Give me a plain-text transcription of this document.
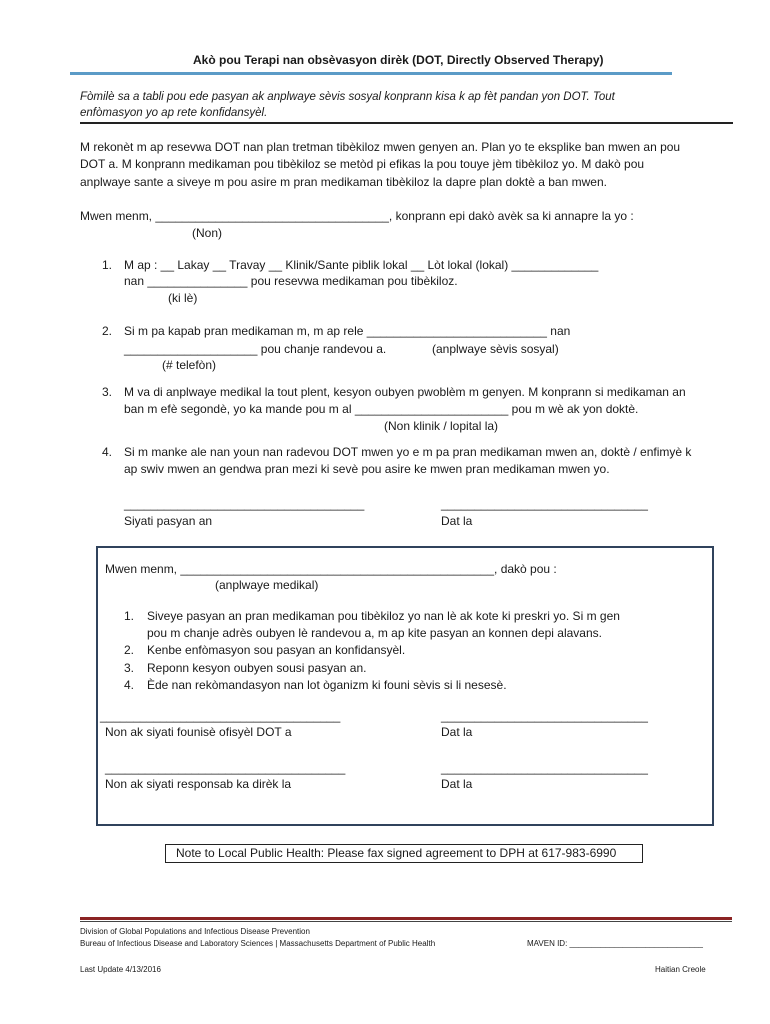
Akò pou Terapi nan obsèvasyon dirèk (DOT, Directly Observed Therapy)
Fòmilè sa a tabli pou ede pasyan ak anplwaye sèvis sosyal konprann kisa k ap fèt pandan yon DOT. Tout
enfòmasyon yo ap rete konfidansyèl.
M rekonèt m ap resevwa DOT nan plan tretman tibèkiloz mwen genyen an. Plan yo te eksplike ban mwen an pou
DOT a. M konprann medikaman pou tibèkiloz se metòd pi efikas la pou touye jèm tibèkiloz yo. M dakò pou
anplwaye sante a siveye m pou asire m pran medikaman tibèkiloz la dapre plan doktè a ban mwen.
Mwen menm, ___________________________________, konprann epi dakò avèk sa ki annapre la yo :
(Non)
1. M ap : __ Lakay __ Travay __ Klinik/Sante piblik lokal __ Lòt lokal (lokal) _____________
nan _______________ pou resevwa medikaman pou tibèkiloz.
(ki lè)
2. Si m pa kapab pran medikaman m, m ap rele ___________________________ nan
____________________ pou chanje randevou a.	(anplwaye sèvis sosyal)
(# telefòn)
3. M va di anplwaye medikal la tout plent, kesyon oubyen pwoblèm m genyen. M konprann si medikaman an
ban m efè segondè, yo ka mande pou m al _______________________ pou m wè ak yon doktè.
(Non klinik / lopital la)
4. Si m manke ale nan youn nan radevou DOT mwen yo e m pa pran medikaman mwen an, doktè / enfimyè k
ap swiv mwen an gendwa pran mezi ki sevè pou asire ke mwen pran medikaman mwen yo.
____________________________________	_______________________________
Siyati pasyan an	Dat la
Mwen menm, _______________________________________________, dakò pou :
(anplwaye medikal)
1. Siveye pasyan an pran medikaman pou tibèkiloz yo nan lè ak kote ki preskri yo. Si m gen
pou m chanje adrès oubyen lè randevou a, m ap kite pasyan an konnen depi alavans.
2. Kenbe enfòmasyon sou pasyan an konfidansyèl.
3. Reponn kesyon oubyen sousi pasyan an.
4. Ède nan rekòmandasyon nan lot òganizm ki founi sèvis si li nesesè.
____________________________________	_______________________________
Non ak siyati founisè ofisyèl DOT a	Dat la
____________________________________	_______________________________
Non ak siyati responsab ka dirèk la	Dat la
Note to Local Public Health: Please fax signed agreement to DPH at 617-983-6990
Division of Global Populations and Infectious Disease Prevention
Bureau of Infectious Disease and Laboratory Sciences | Massachusetts Department of Public Health	MAVEN ID: ______________________________
Last Update 4/13/2016	Haitian Creole
